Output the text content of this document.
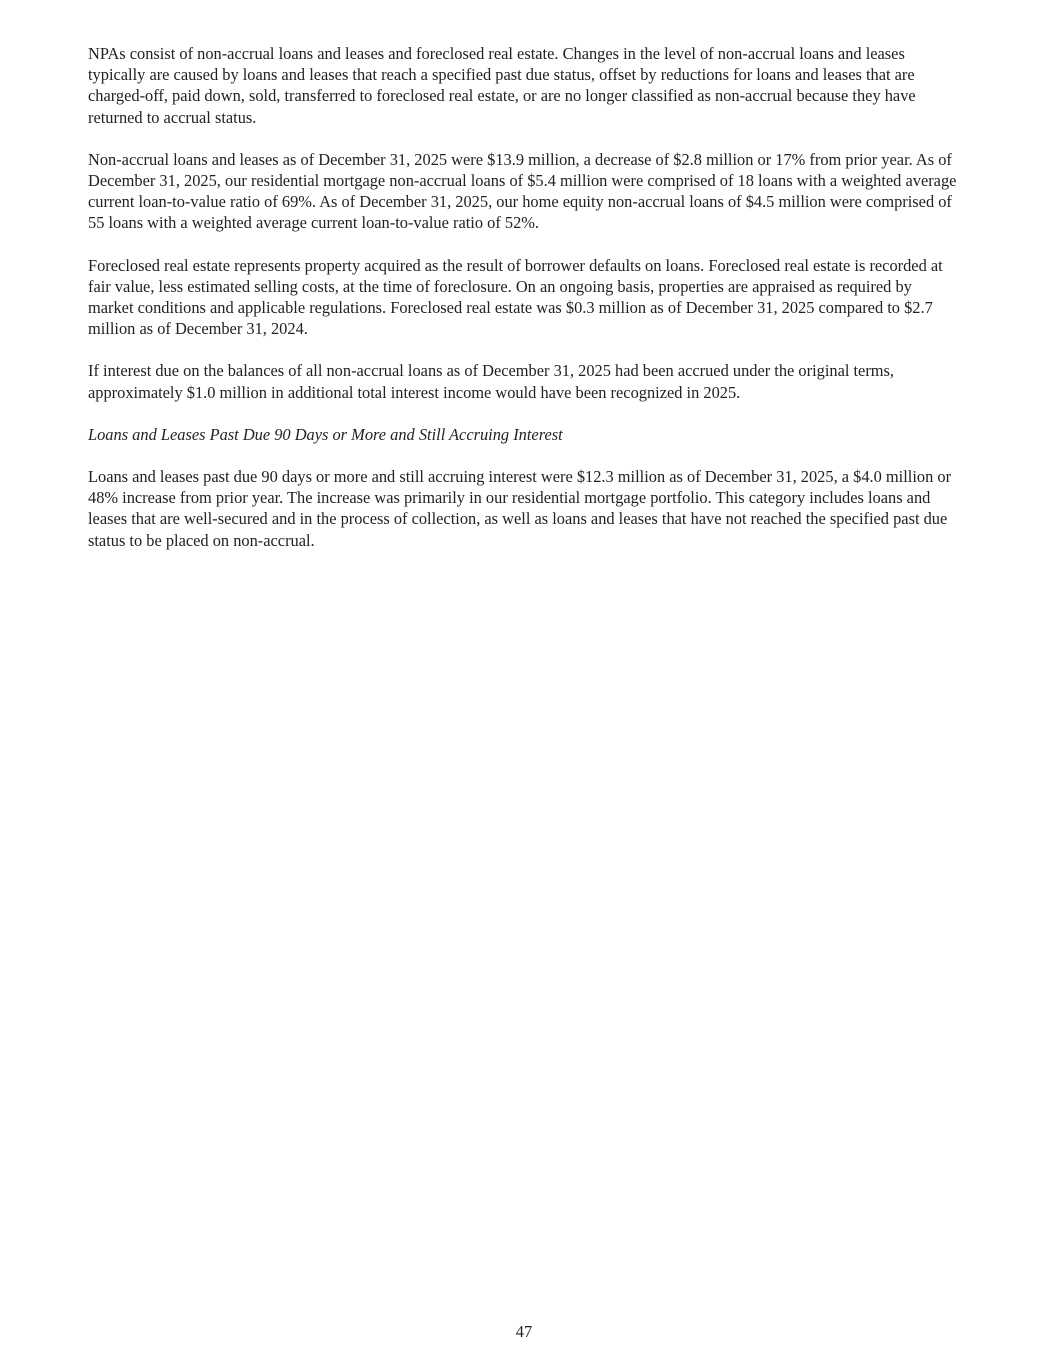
NPAs consist of non-accrual loans and leases and foreclosed real estate. Changes in the level of non-accrual loans and leases typically are caused by loans and leases that reach a specified past due status, offset by reductions for loans and leases that are charged-off, paid down, sold, transferred to foreclosed real estate, or are no longer classified as non-accrual because they have returned to accrual status.

Non-accrual loans and leases as of December 31, 2025 were $13.9 million, a decrease of $2.8 million or 17% from prior year. As of December 31, 2025, our residential mortgage non-accrual loans of $5.4 million were comprised of 18 loans with a weighted average current loan-to-value ratio of 69%. As of December 31, 2025, our home equity non-accrual loans of $4.5 million were comprised of 55 loans with a weighted average current loan-to-value ratio of 52%.

Foreclosed real estate represents property acquired as the result of borrower defaults on loans. Foreclosed real estate is recorded at fair value, less estimated selling costs, at the time of foreclosure. On an ongoing basis, properties are appraised as required by market conditions and applicable regulations. Foreclosed real estate was $0.3 million as of December 31, 2025 compared to $2.7 million as of December 31, 2024.

If interest due on the balances of all non-accrual loans as of December 31, 2025 had been accrued under the original terms, approximately $1.0 million in additional total interest income would have been recognized in 2025.

Loans and Leases Past Due 90 Days or More and Still Accruing Interest

Loans and leases past due 90 days or more and still accruing interest were $12.3 million as of December 31, 2025, a $4.0 million or 48% increase from prior year. The increase was primarily in our residential mortgage portfolio. This category includes loans and leases that are well-secured and in the process of collection, as well as loans and leases that have not reached the specified past due status to be placed on non-accrual.

47
